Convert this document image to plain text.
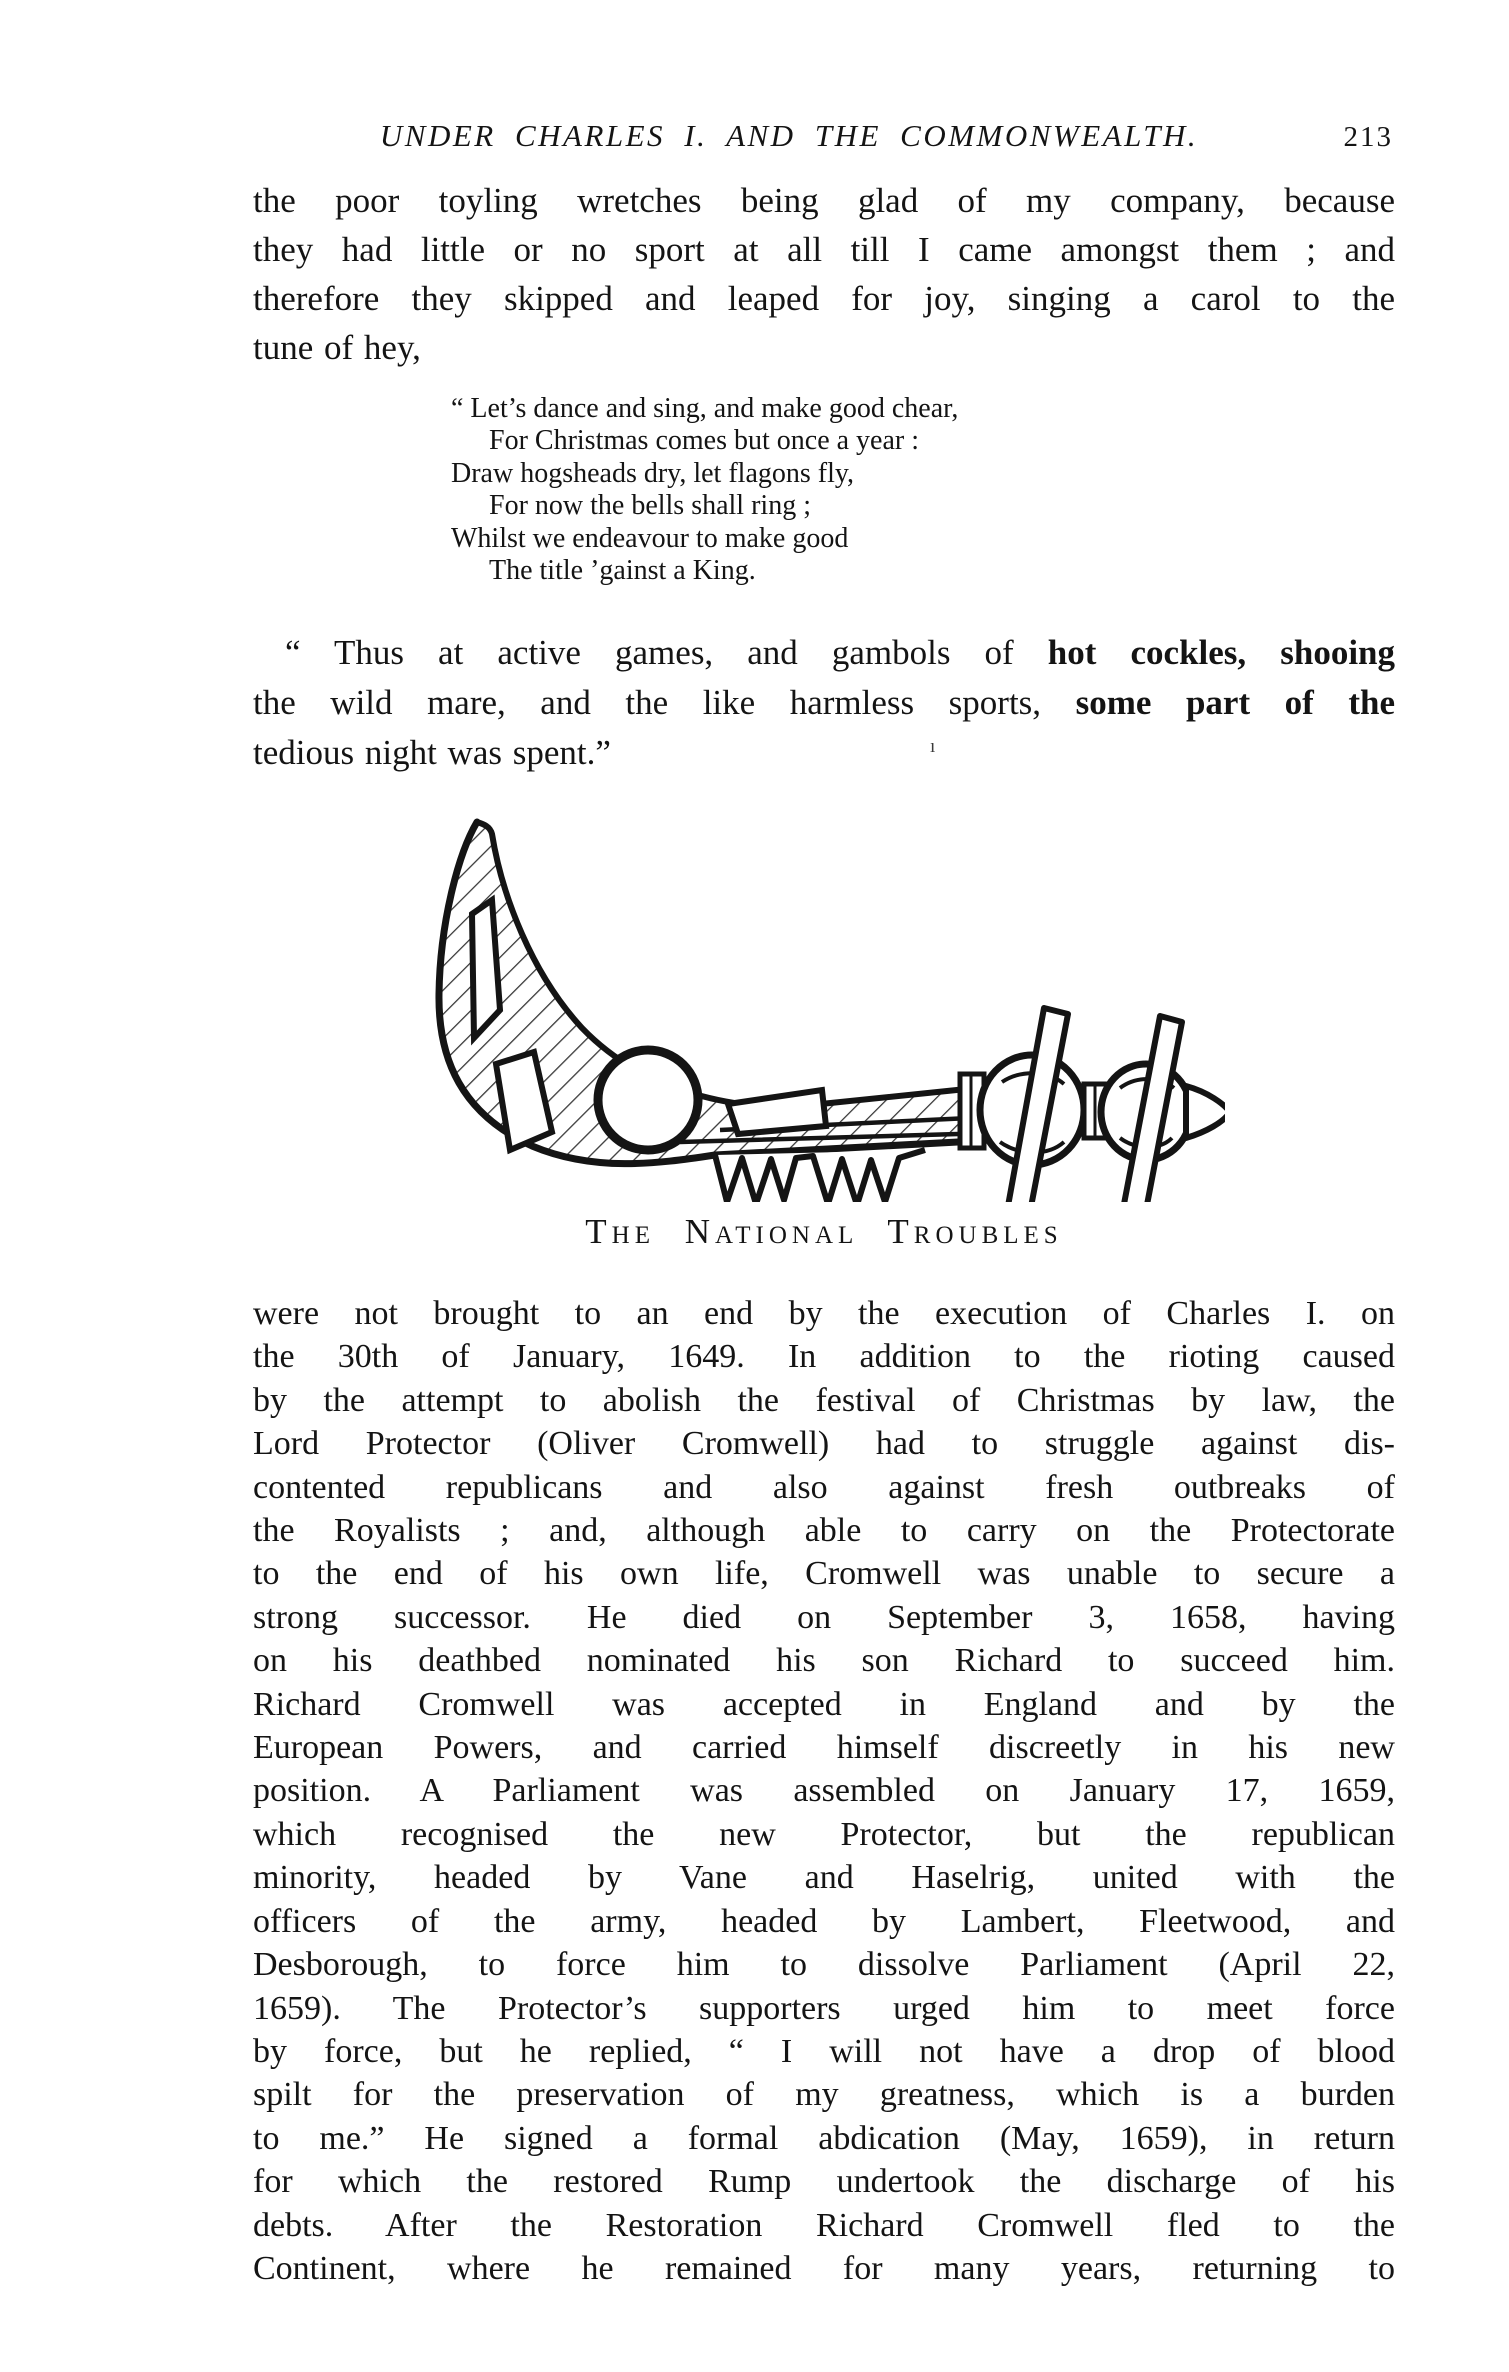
UNDER CHARLES I. AND THE COMMONWEALTH.	213
the poor toyling wretches being glad of my company, because
they had little or no sport at all till I came amongst them ; and
therefore they skipped and leaped for joy, singing a carol to the
tune of hey,
“ Let’s dance and sing, and make good chear,
For Christmas comes but once a year :
Draw hogsheads dry, let flagons fly,
For now the bells shall ring ;
Whilst we endeavour to make good
The title ’gainst a King.
“ Thus at active games, and gambols of hot cockles, shooing
the wild mare, and the like harmless sports, some part of the
tedious night was spent.”
The National Troubles
were not brought to an end by the execution of Charles I. on
the 30th of January, 1649. In addition to the rioting caused
by the attempt to abolish the festival of Christmas by law, the
Lord Protector (Oliver Cromwell) had to struggle against dis-
contented republicans and also against fresh outbreaks of
the Royalists ; and, although able to carry on the Protectorate
to the end of his own life, Cromwell was unable to secure a
strong successor. He died on September 3, 1658, having
on his deathbed nominated his son Richard to succeed him.
Richard Cromwell was accepted in England and by the
European Powers, and carried himself discreetly in his new
position. A Parliament was assembled on January 17, 1659,
which recognised the new Protector, but the republican
minority, headed by Vane and Haselrig, united with the
officers of the army, headed by Lambert, Fleetwood, and
Desborough, to force him to dissolve Parliament (April 22,
1659). The Protector’s supporters urged him to meet force
by force, but he replied, “ I will not have a drop of blood
spilt for the preservation of my greatness, which is a burden
to me.” He signed a formal abdication (May, 1659), in return
for which the restored Rump undertook the discharge of his
debts. After the Restoration Richard Cromwell fled to the
Continent, where he remained for many years, returning to
ı
